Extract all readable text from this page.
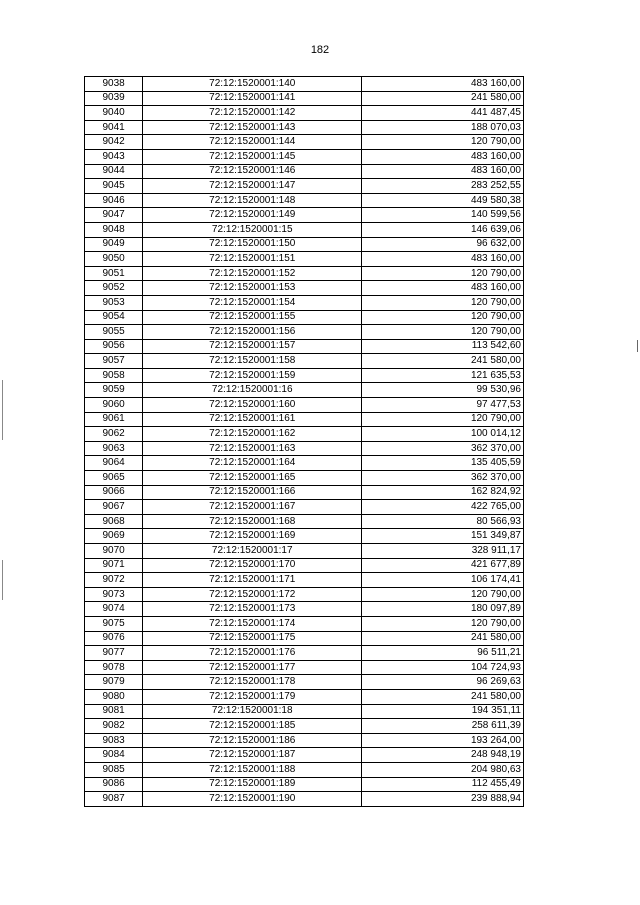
182
9038	72:12:1520001:140	483 160,00
9039	72:12:1520001:141	241 580,00
9040	72:12:1520001:142	441 487,45
9041	72:12:1520001:143	188 070,03
9042	72:12:1520001:144	120 790,00
9043	72:12:1520001:145	483 160,00
9044	72:12:1520001:146	483 160,00
9045	72:12:1520001:147	283 252,55
9046	72:12:1520001:148	449 580,38
9047	72:12:1520001:149	140 599,56
9048	72:12:1520001:15	146 639,06
9049	72:12:1520001:150	96 632,00
9050	72:12:1520001:151	483 160,00
9051	72:12:1520001:152	120 790,00
9052	72:12:1520001:153	483 160,00
9053	72:12:1520001:154	120 790,00
9054	72:12:1520001:155	120 790,00
9055	72:12:1520001:156	120 790,00
9056	72:12:1520001:157	113 542,60
9057	72:12:1520001:158	241 580,00
9058	72:12:1520001:159	121 635,53
9059	72:12:1520001:16	99 530,96
9060	72:12:1520001:160	97 477,53
9061	72:12:1520001:161	120 790,00
9062	72:12:1520001:162	100 014,12
9063	72:12:1520001:163	362 370,00
9064	72:12:1520001:164	135 405,59
9065	72:12:1520001:165	362 370,00
9066	72:12:1520001:166	162 824,92
9067	72:12:1520001:167	422 765,00
9068	72:12:1520001:168	80 566,93
9069	72:12:1520001:169	151 349,87
9070	72:12:1520001:17	328 911,17
9071	72:12:1520001:170	421 677,89
9072	72:12:1520001:171	106 174,41
9073	72:12:1520001:172	120 790,00
9074	72:12:1520001:173	180 097,89
9075	72:12:1520001:174	120 790,00
9076	72:12:1520001:175	241 580,00
9077	72:12:1520001:176	96 511,21
9078	72:12:1520001:177	104 724,93
9079	72:12:1520001:178	96 269,63
9080	72:12:1520001:179	241 580,00
9081	72:12:1520001:18	194 351,11
9082	72:12:1520001:185	258 611,39
9083	72:12:1520001:186	193 264,00
9084	72:12:1520001:187	248 948,19
9085	72:12:1520001:188	204 980,63
9086	72:12:1520001:189	112 455,49
9087	72:12:1520001:190	239 888,94
